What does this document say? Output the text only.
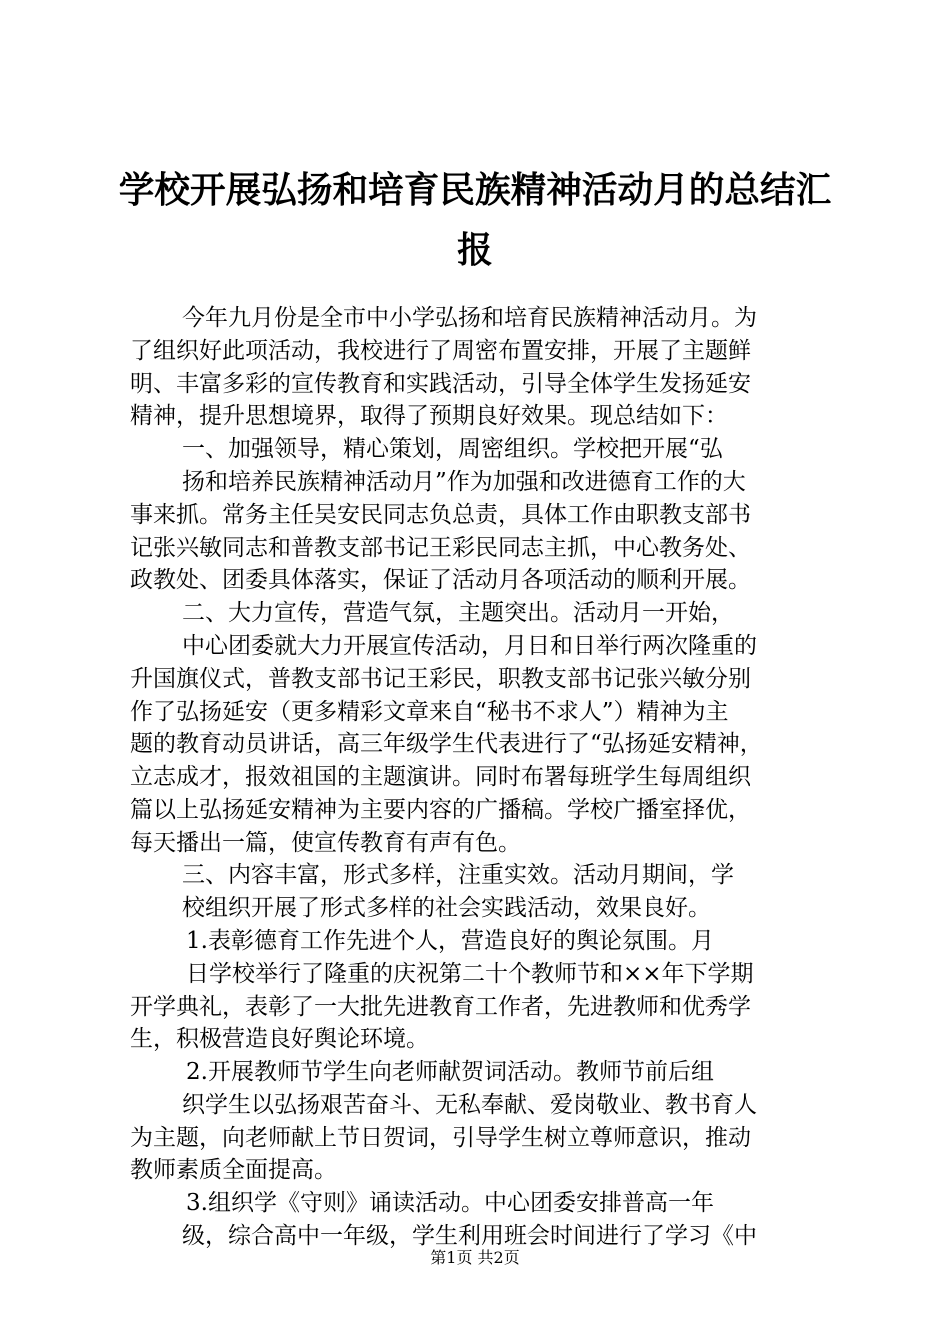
学校开展弘扬和培育民族精神活动月的总结汇
报
今年九月份是全市中小学弘扬和培育民族精神活动月。为
了组织好此项活动，我校进行了周密布置安排，开展了主题鲜
明、丰富多彩的宣传教育和实践活动，引导全体学生发扬延安
精神，提升思想境界，取得了预期良好效果。现总结如下：
一、加强领导，精心策划，周密组织。学校把开展“弘
扬和培养民族精神活动月”作为加强和改进德育工作的大
事来抓。常务主任吴安民同志负总责，具体工作由职教支部书
记张兴敏同志和普教支部书记王彩民同志主抓，中心教务处、
政教处、团委具体落实，保证了活动月各项活动的顺利开展。
二、大力宣传，营造气氛，主题突出。活动月一开始，
中心团委就大力开展宣传活动，月日和日举行两次隆重的
升国旗仪式，普教支部书记王彩民，职教支部书记张兴敏分别
作了弘扬延安（更多精彩文章来自“秘书不求人”）精神为主
题的教育动员讲话，高三年级学生代表进行了“弘扬延安精神，
立志成才，报效祖国的主题演讲。同时布署每班学生每周组织
篇以上弘扬延安精神为主要内容的广播稿。学校广播室择优，
每天播出一篇，使宣传教育有声有色。
三、内容丰富，形式多样，注重实效。活动月期间，学
校组织开展了形式多样的社会实践活动，效果良好。
1.表彰德育工作先进个人，营造良好的舆论氛围。月
日学校举行了隆重的庆祝第二十个教师节和××年下学期
开学典礼，表彰了一大批先进教育工作者，先进教师和优秀学
生，积极营造良好舆论环境。
2.开展教师节学生向老师献贺词活动。教师节前后组
织学生以弘扬艰苦奋斗、无私奉献、爱岗敬业、教书育人
为主题，向老师献上节日贺词，引导学生树立尊师意识，推动
教师素质全面提高。
3.组织学《守则》诵读活动。中心团委安排普高一年
级，综合高中一年级，学生利用班会时间进行了学习《中
第1页 共2页
